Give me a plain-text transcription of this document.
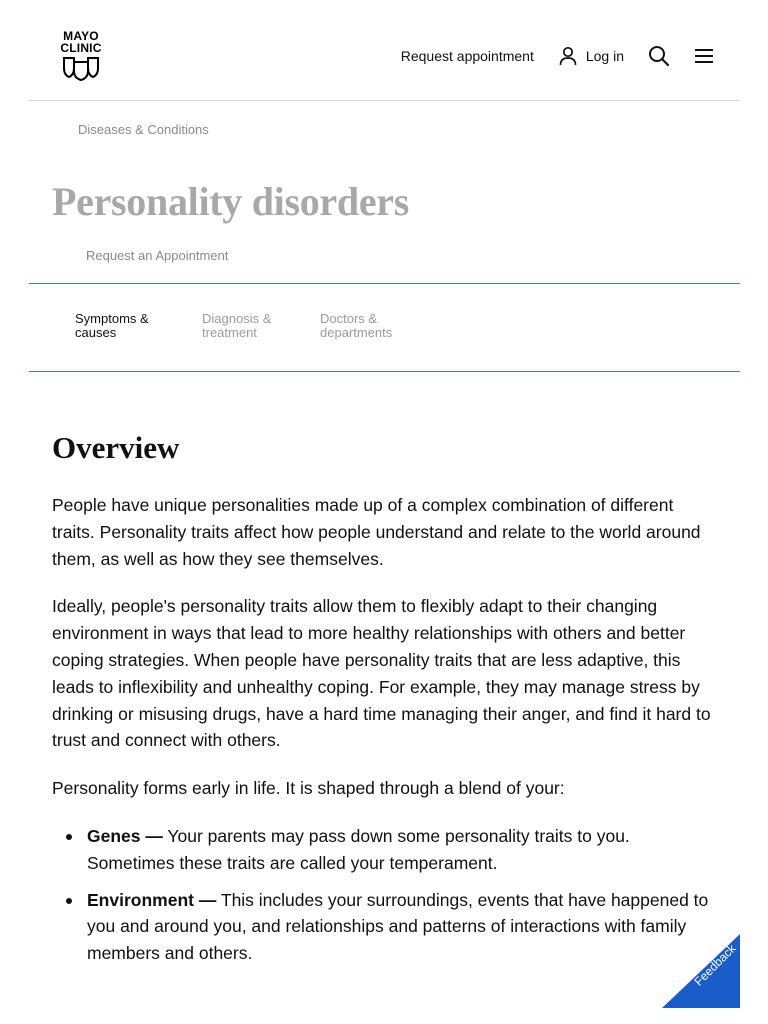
MAYO
CLINIC	Request appointment	Log in
Diseases & Conditions
Personality disorders
Request an Appointment
Symptoms &
causes
Diagnosis &
treatment
Doctors &
departments
Overview

People have unique personalities made up of a complex combination of different traits. Personality traits affect how people understand and relate to the world around them, as well as how they see themselves.

Ideally, people's personality traits allow them to flexibly adapt to their changing environment in ways that lead to more healthy relationships with others and better coping strategies. When people have personality traits that are less adaptive, this leads to inflexibility and unhealthy coping. For example, they may manage stress by drinking or misusing drugs, have a hard time managing their anger, and find it hard to trust and connect with others.

Personality forms early in life. It is shaped through a blend of your:

Genes — Your parents may pass down some personality traits to you. Sometimes these traits are called your temperament.
Environment — This includes your surroundings, events that have happened to you and around you, and relationships and patterns of interactions with family members and others.	Feedback
